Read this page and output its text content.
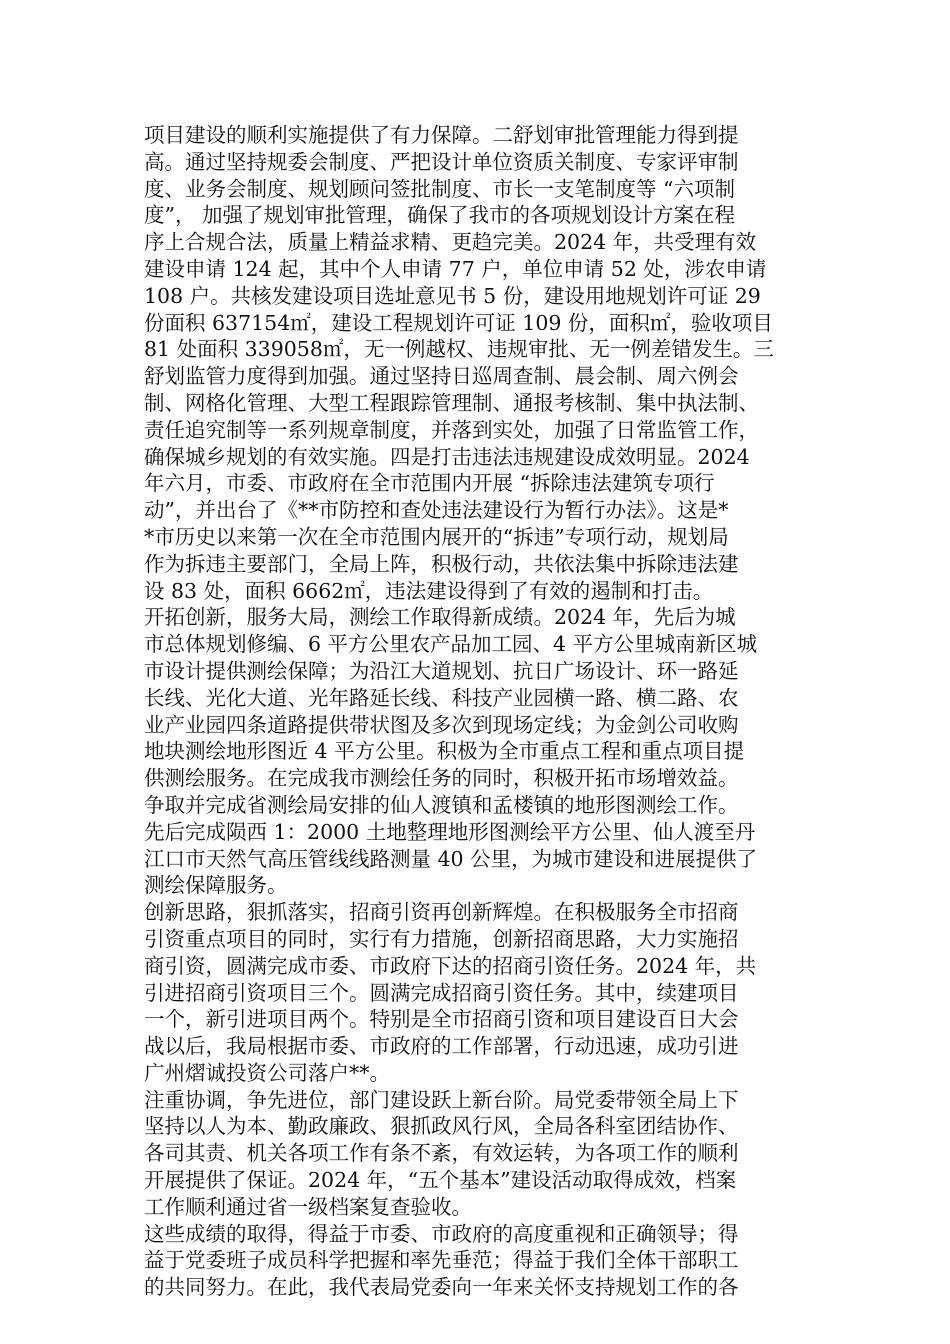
项目建设的顺利实施提供了有力保障。二舒划审批管理能力得到提
高。通过坚持规委会制度、严把设计单位资质关制度、专家评审制
度、业务会制度、规划顾问签批制度、市长一支笔制度等 “六项制
度”， 加强了规划审批管理，确保了我市的各项规划设计方案在程
序上合规合法，质量上精益求精、更趋完美。2024 年，共受理有效
建设申请 124 起，其中个人申请 77 户，单位申请 52 处，涉农申请
108 户。共核发建设项目选址意见书 5 份，建设用地规划许可证 29
份面积 637154㎡，建设工程规划许可证 109 份，面积㎡，验收项目
81 处面积 339058㎡，无一例越权、违规审批、无一例差错发生。三
舒划监管力度得到加强。通过坚持日巡周查制、晨会制、周六例会
制、网格化管理、大型工程跟踪管理制、通报考核制、集中执法制、
责任追究制等一系列规章制度，并落到实处，加强了日常监管工作，
确保城乡规划的有效实施。四是打击违法违规建设成效明显。2024
年六月，市委、市政府在全市范围内开展 “拆除违法建筑专项行
动”，并出台了《**市防控和查处违法建设行为暂行办法》。这是*
*市历史以来第一次在全市范围内展开的“拆违”专项行动，规划局
作为拆违主要部门，全局上阵，积极行动，共依法集中拆除违法建
设 83 处，面积 6662㎡，违法建设得到了有效的遏制和打击。
开拓创新，服务大局，测绘工作取得新成绩。2024 年，先后为城
市总体规划修编、6 平方公里农产品加工园、4 平方公里城南新区城
市设计提供测绘保障；为沿江大道规划、抗日广场设计、环一路延
长线、光化大道、光年路延长线、科技产业园横一路、横二路、农
业产业园四条道路提供带状图及多次到现场定线；为金剑公司收购
地块测绘地形图近 4 平方公里。积极为全市重点工程和重点项目提
供测绘服务。在完成我市测绘任务的同时，积极开拓市场增效益。
争取并完成省测绘局安排的仙人渡镇和孟楼镇的地形图测绘工作。
先后完成陨西 1：2000 土地整理地形图测绘平方公里、仙人渡至丹
江口市天然气高压管线线路测量 40 公里，为城市建设和进展提供了
测绘保障服务。
创新思路，狠抓落实，招商引资再创新辉煌。在积极服务全市招商
引资重点项目的同时，实行有力措施，创新招商思路，大力实施招
商引资，圆满完成市委、市政府下达的招商引资任务。2024 年，共
引进招商引资项目三个。圆满完成招商引资任务。其中，续建项目
一个，新引进项目两个。特别是全市招商引资和项目建设百日大会
战以后，我局根据市委、市政府的工作部署，行动迅速，成功引进
广州熠诚投资公司落户**。
注重协调，争先进位，部门建设跃上新台阶。局党委带领全局上下
坚持以人为本、勤政廉政、狠抓政风行风，全局各科室团结协作、
各司其责、机关各项工作有条不紊，有效运转，为各项工作的顺利
开展提供了保证。2024 年，“五个基本”建设活动取得成效，档案
工作顺利通过省一级档案复查验收。
这些成绩的取得，得益于市委、市政府的高度重视和正确领导；得
益于党委班子成员科学把握和率先垂范；得益于我们全体干部职工
的共同努力。在此，我代表局党委向一年来关怀支持规划工作的各
